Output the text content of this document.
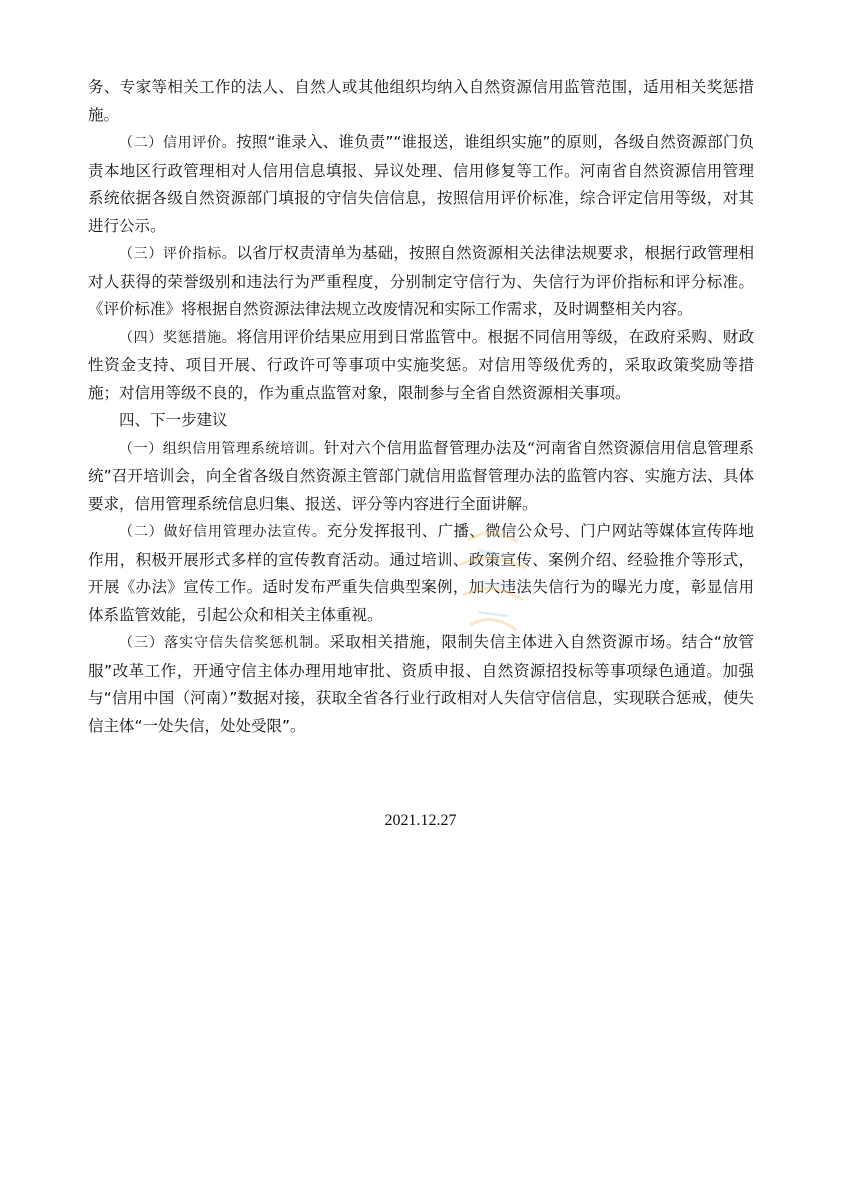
务、专家等相关工作的法人、自然人或其他组织均纳入自然资源信用监管范围，适用相关奖惩措施。

（二）信用评价。按照“谁录入、谁负责”“谁报送，谁组织实施”的原则，各级自然资源部门负责本地区行政管理相对人信用信息填报、异议处理、信用修复等工作。河南省自然资源信用管理系统依据各级自然资源部门填报的守信失信信息，按照信用评价标准，综合评定信用等级，对其进行公示。

（三）评价指标。以省厅权责清单为基础，按照自然资源相关法律法规要求，根据行政管理相对人获得的荣誉级别和违法行为严重程度，分别制定守信行为、失信行为评价指标和评分标准。《评价标准》将根据自然资源法律法规立改废情况和实际工作需求，及时调整相关内容。

（四）奖惩措施。将信用评价结果应用到日常监管中。根据不同信用等级，在政府采购、财政性资金支持、项目开展、行政许可等事项中实施奖惩。对信用等级优秀的，采取政策奖励等措施；对信用等级不良的，作为重点监管对象，限制参与全省自然资源相关事项。

四、下一步建议

（一）组织信用管理系统培训。针对六个信用监督管理办法及“河南省自然资源信用信息管理系统”召开培训会，向全省各级自然资源主管部门就信用监督管理办法的监管内容、实施方法、具体要求，信用管理系统信息归集、报送、评分等内容进行全面讲解。

（二）做好信用管理办法宣传。充分发挥报刊、广播、微信公众号、门户网站等媒体宣传阵地作用，积极开展形式多样的宣传教育活动。通过培训、政策宣传、案例介绍、经验推介等形式，开展《办法》宣传工作。适时发布严重失信典型案例，加大违法失信行为的曝光力度，彰显信用体系监管效能，引起公众和相关主体重视。

（三）落实守信失信奖惩机制。采取相关措施，限制失信主体进入自然资源市场。结合“放管服”改革工作，开通守信主体办理用地审批、资质申报、自然资源招投标等事项绿色通道。加强与“信用中国（河南）”数据对接，获取全省各行业行政相对人失信守信信息，实现联合惩戒，使失信主体“一处失信，处处受限”。

2021.12.27
